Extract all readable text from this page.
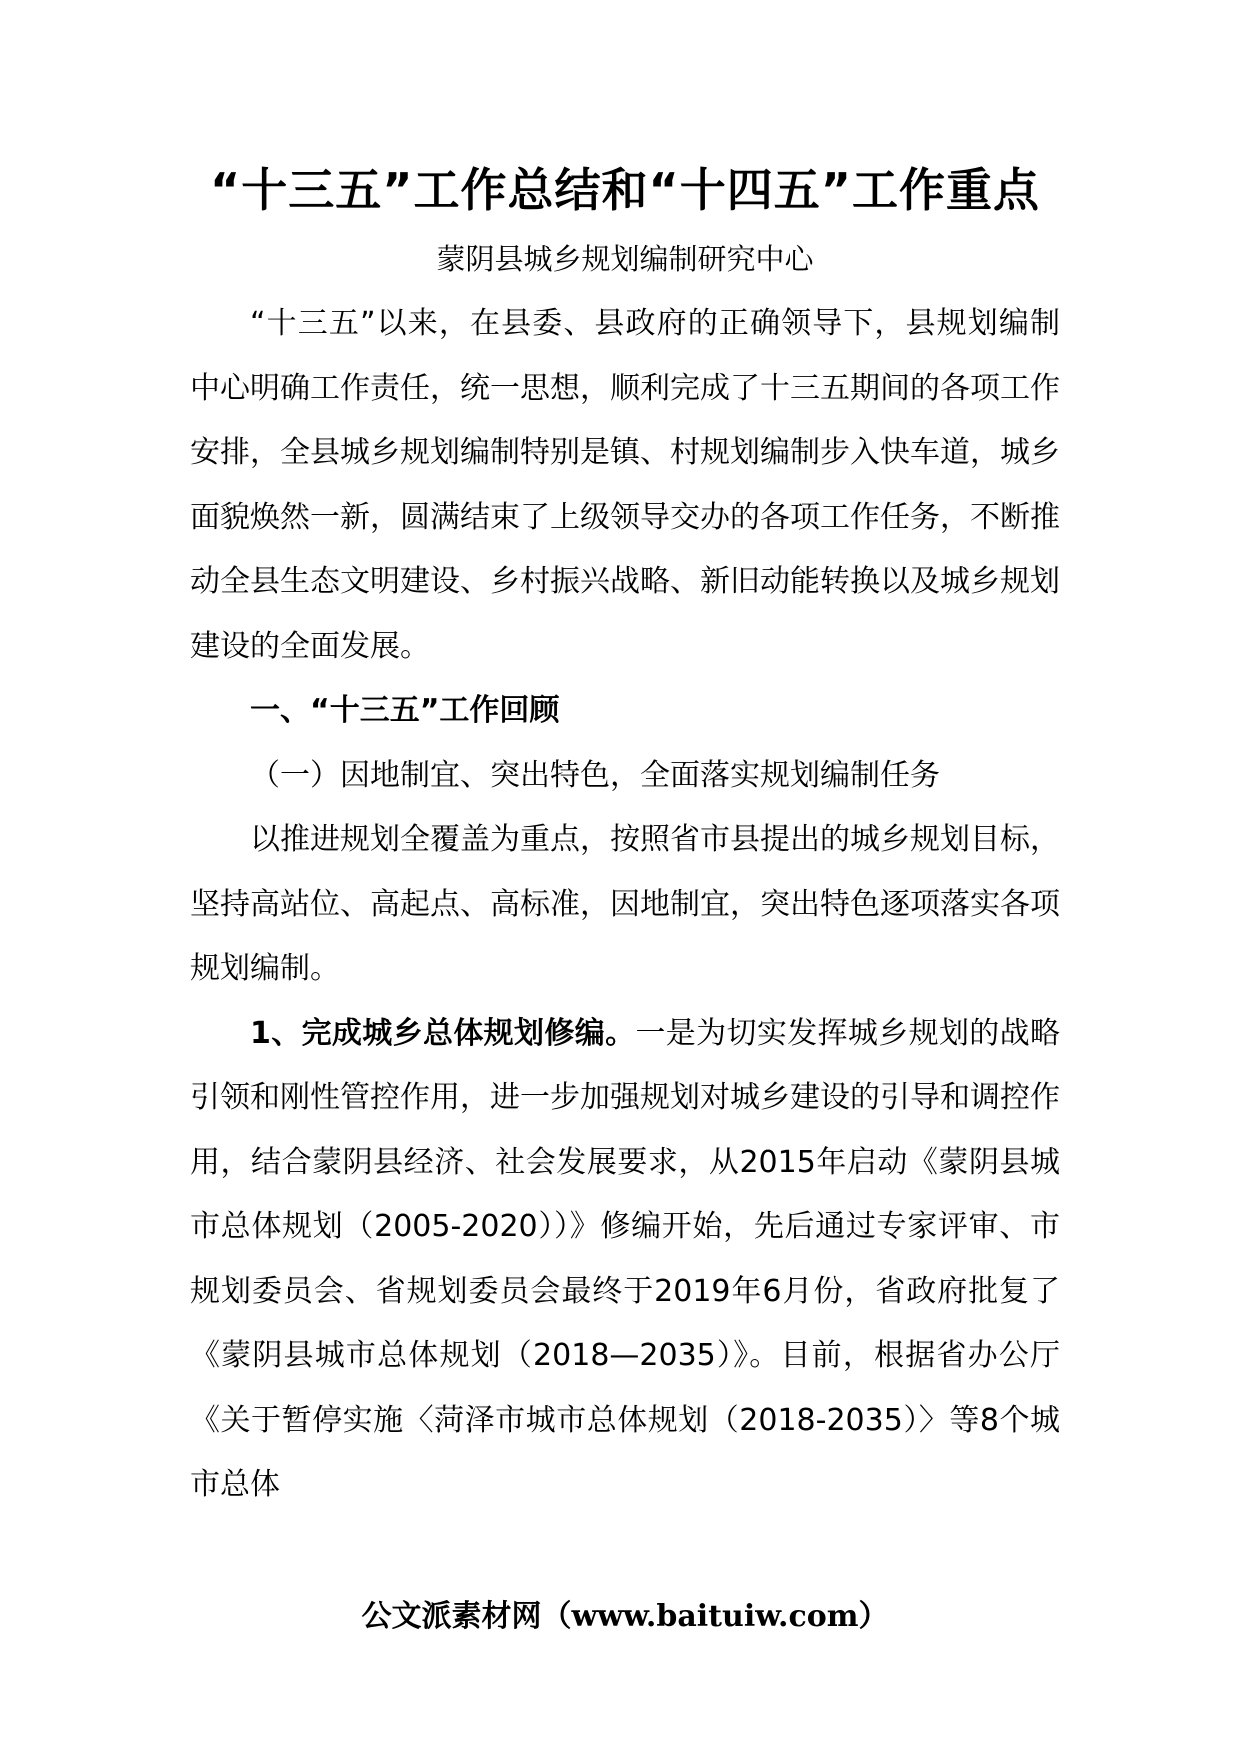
“十三五”工作总结和“十四五”工作重点
蒙阴县城乡规划编制研究中心

“十三五”以来，在县委、县政府的正确领导下，县规划编制中心明确工作责任，统一思想，顺利完成了十三五期间的各项工作安排，全县城乡规划编制特别是镇、村规划编制步入快车道，城乡面貌焕然一新，圆满结束了上级领导交办的各项工作任务，不断推动全县生态文明建设、乡村振兴战略、新旧动能转换以及城乡规划建设的全面发展。

一、“十三五”工作回顾

（一）因地制宜、突出特色，全面落实规划编制任务

以推进规划全覆盖为重点，按照省市县提出的城乡规划目标，坚持高站位、高起点、高标准，因地制宜，突出特色逐项落实各项规划编制。

1、完成城乡总体规划修编。一是为切实发挥城乡规划的战略引领和刚性管控作用，进一步加强规划对城乡建设的引导和调控作用，结合蒙阴县经济、社会发展要求，从2015年启动《蒙阴县城市总体规划（2005-2020））》修编开始，先后通过专家评审、市规划委员会、省规划委员会最终于2019年6月份，省政府批复了《蒙阴县城市总体规划（2018—2035）》。目前，根据省办公厅《关于暂停实施〈菏泽市城市总体规划（2018-2035）〉等8个城市总体

公文派素材网（www.baituiw.com）
